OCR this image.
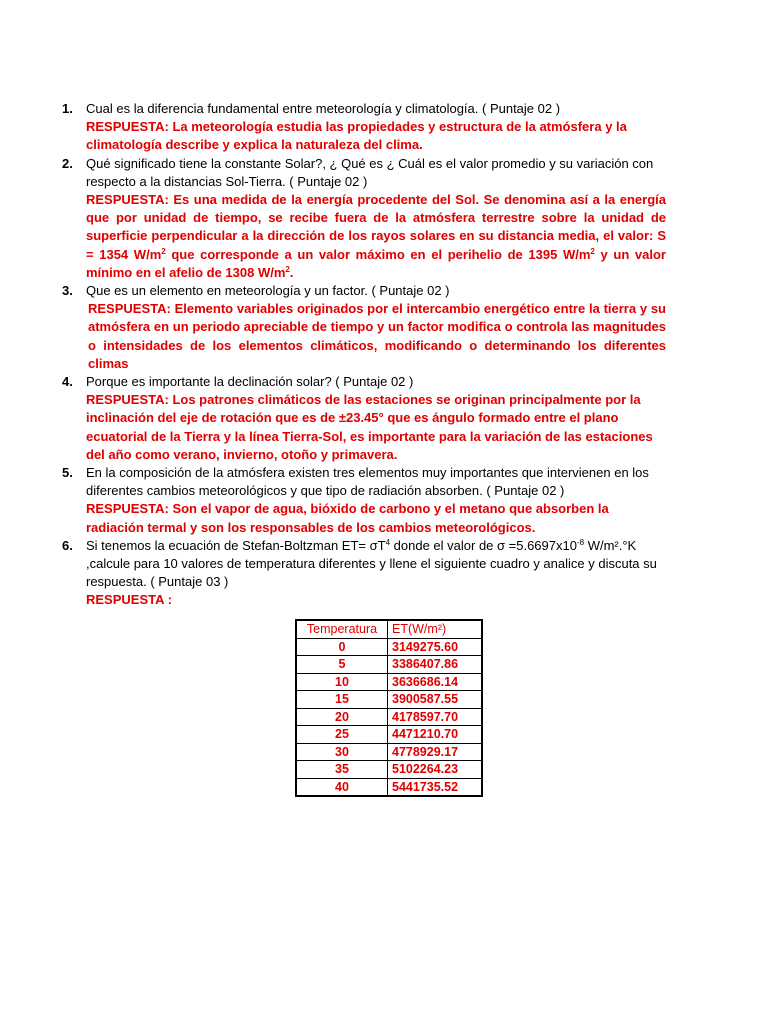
1. Cual es la diferencia fundamental entre meteorología y climatología. ( Puntaje 02 )
RESPUESTA: La meteorología estudia las propiedades y estructura de la atmósfera y la climatología describe y explica la naturaleza del clima.
2. Qué significado tiene la constante Solar?, ¿ Qué es ¿ Cuál es el valor promedio y su variación con respecto a la distancias Sol-Tierra. ( Puntaje 02 )
RESPUESTA: Es una medida de la energía procedente del Sol. Se denomina así a la energía que por unidad de tiempo, se recibe fuera de la atmósfera terrestre sobre la unidad de superficie perpendicular a la dirección de los rayos solares en su distancia media, el valor: S = 1354 $W/m^2$ que corresponde a un valor máximo en el perihelio de 1395 $W/m^2$ y un valor mínimo en el afelio de 1308 $W/m^2$.
3. Que es un elemento en meteorología y un factor. ( Puntaje 02 )
RESPUESTA: Elemento variables originados por el intercambio energético entre la tierra y su atmósfera en un periodo apreciable de tiempo y un factor modifica o controla las magnitudes o intensidades de los elementos climáticos, modificando o determinando los diferentes climas
4. Porque es importante la declinación solar? ( Puntaje 02 )
RESPUESTA: Los patrones climáticos de las estaciones se originan principalmente por la inclinación del eje de rotación que es de ±23.45° que es ángulo formado entre el plano ecuatorial de la Tierra y la línea Tierra-Sol, es importante para la variación de las estaciones del año como verano, invierno, otoño y primavera.
5. En la composición de la atmósfera existen tres elementos muy importantes que intervienen en los diferentes cambios meteorológicos y que tipo de radiación absorben. ( Puntaje 02 )
RESPUESTA: Son el vapor de agua, bióxido de carbono y el metano que absorben la radiación termal y son los responsables de los cambios meteorológicos.
6. Si tenemos la ecuación de Stefan-Boltzman $ET= \sigma T^4$ donde el valor de $\sigma =5.6697x10^{-8}$ W/m².°K ,calcule para 10 valores de temperatura diferentes y llene el siguiente cuadro y analice y discuta su respuesta. ( Puntaje 03 )
RESPUESTA :
Temperatura	ET(W/m²)
0	3149275.60
5	3386407.86
10	3636686.14
15	3900587.55
20	4178597.70
25	4471210.70
30	4778929.17
35	5102264.23
40	5441735.52
